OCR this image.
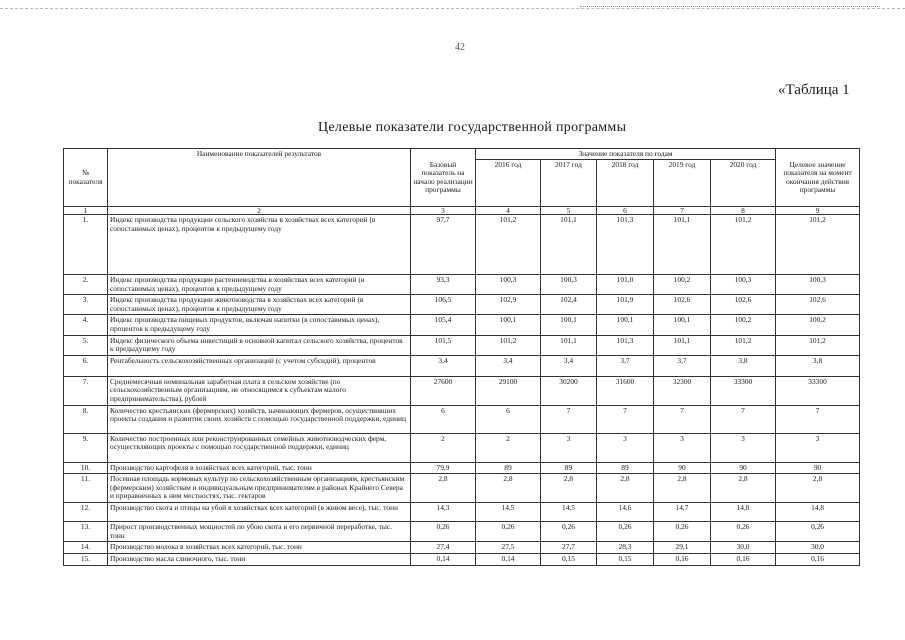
42
«Таблица 1
Целевые показатели государственной программы
№ показателя	Наименование показателей результатов	Базовый показатель на начало реализации программы	Значение показателя по годам					Целевое значение показателя на момент окончания действия программы
			2016 год	2017 год	2018 год	2019 год	2020 год	
1	2	3	4	5	6	7	8	9
1.	Индекс производства продукции сельского хозяйства в хозяйствах всех категорий (в сопоставимых ценах), процентов к предыдущему году	97,7	101,2	101,1	101,3	101,1	101,2	101,2
2.	Индекс производства продукции растениеводства в хозяйствах всех категорий (в сопоставимых ценах), процентов к предыдущему году	93,3	100,3	100,3	101,0	100,2	100,3	100,3
3.	Индекс производства продукции животноводства в хозяйствах всех категорий (в сопоставимых ценах), процентов к предыдущему году	106,5	102,9	102,4	101,9	102,6	102,6	102,6
4.	Индекс производства пищевых продуктов, включая напитки (в сопоставимых ценах), процентов к предыдущему году	105,4	100,1	100,1	100,1	100,1	100,2	100,2
5.	Индекс физического объема инвестиций в основной капитал сельского хозяйства, процентов к предыдущему году	101,5	101,2	101,1	101,3	101,1	101,2	101,2
6.	Рентабельность сельскохозяйственных организаций (с учетом субсидий), процентов	3,4	3,4	3,4	3,7	3,7	3,8	3,8
7.	Среднемесячная номинальная заработная плата в сельском хозяйстве (по сельскохозяйственным организациям, не относящимся к субъектам малого предпринимательства), рублей	27600	29100	30200	31600	32300	33300	33300
8.	Количество крестьянских (фермерских) хозяйств, начинающих фермеров, осуществивших проекты создания и развития своих хозяйств с помощью государственной поддержки, единиц	6	6	7	7	7	7	7
9.	Количество построенных или реконструированных семейных животноводческих ферм, осуществляющих проекты с помощью государственной поддержки, единиц	2	2	3	3	3	3	3
10.	Производство картофеля в хозяйствах всех категорий, тыс. тонн	79,9	89	89	89	90	90	90
11.	Посевная площадь кормовых культур по сельскохозяйственным организациям, крестьянским (фермерским) хозяйствам и индивидуальным предпринимателям в районах Крайнего Севера и приравненных к ним местностях, тыс. гектаров	2,8	2,8	2,8	2,8	2,8	2,8	2,8
12.	Производство скота и птицы на убой в хозяйствах всех категорий (в живом весе), тыс. тонн	14,3	14,5	14,5	14,6	14,7	14,8	14,8
13.	Прирост производственных мощностей по убою скота и его первичной переработке, тыс. тонн	0,26	0,26	0,26	0,26	0,26	0,26	0,26
14.	Производство молока в хозяйствах всех категорий, тыс. тонн	27,4	27,5	27,7	28,3	29,1	30,0	30,0
15.	Производство масла сливочного, тыс. тонн	0,14	0,14	0,15	0,15	0,16	0,16	0,16
